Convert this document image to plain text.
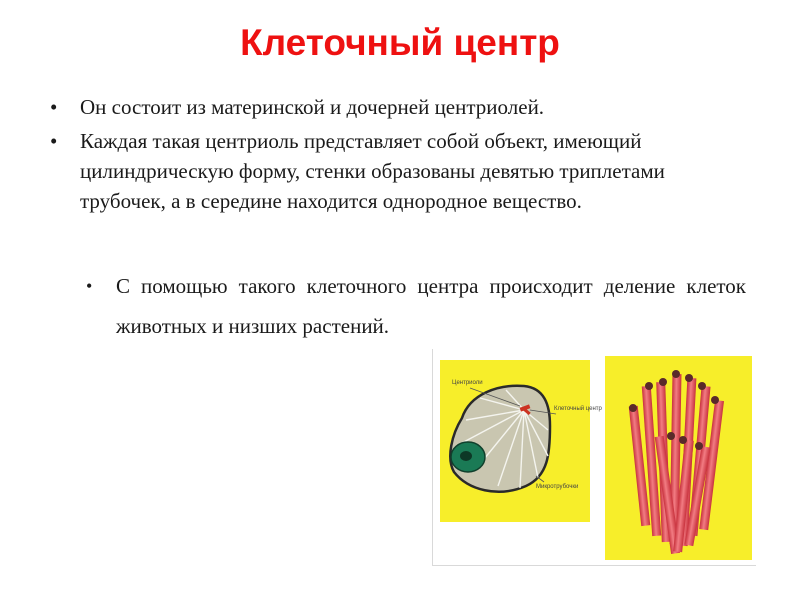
Клеточный центр
• Он состоит из материнской и дочерней центриолей.
• Каждая такая центриоль представляет собой объект, имеющий цилиндрическую форму, стенки образованы девятью триплетами трубочек, а в середине находится однородное вещество.
•	С помощью такого клеточного центра происходит деление клеток животных и низших растений.
Центриоли
Клеточный центр
Микротрубочки
